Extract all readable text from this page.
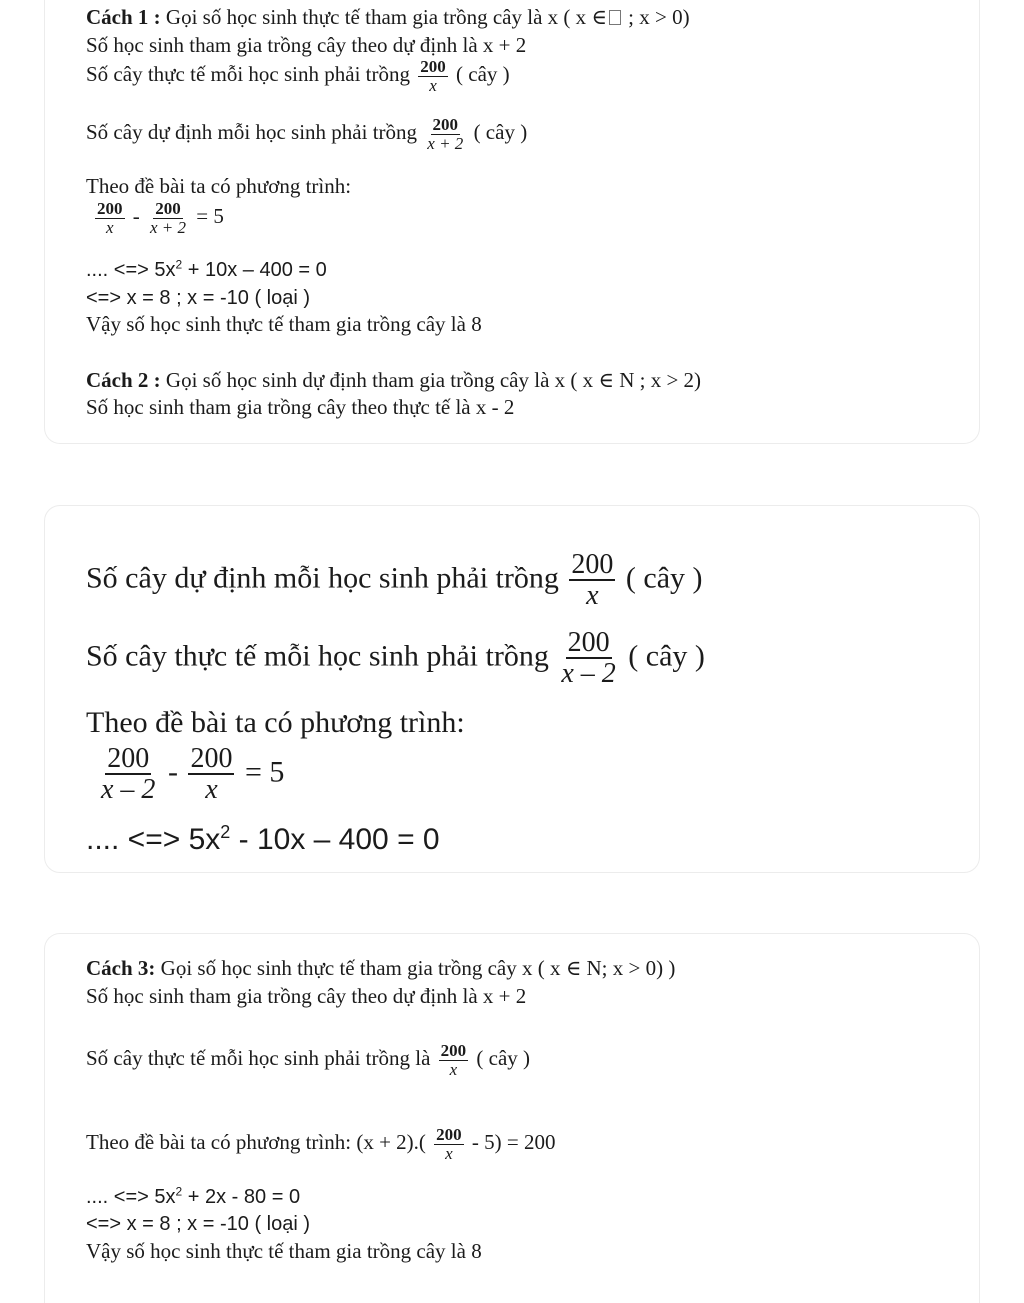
Cách 1 : Gọi số học sinh thực tế tham gia trồng cây là x ( x ∈ ; x > 0)
Số học sinh tham gia trồng cây theo dự định là x + 2
Số cây thực tế mỗi học sinh phải trồng $\frac{200}{x}$ ( cây )
Số cây dự định mỗi học sinh phải trồng $\frac{200}{x + 2}$ ( cây )
Theo đề bài ta có phương trình:
$\frac{200}{x} - \frac{200}{x + 2} = 5$
.... <=> $5x^2 + 10x - 400 = 0$
<=> x = 8 ; x = -10 ( loại )
Vậy số học sinh thực tế tham gia trồng cây là 8
Cách 2 : Gọi số học sinh dự định tham gia trồng cây là x ( x ∈ N ; x > 2)
Số học sinh tham gia trồng cây theo thực tế là x - 2
Số cây dự định mỗi học sinh phải trồng $\frac{200}{x}$ ( cây )
Số cây thực tế mỗi học sinh phải trồng $\frac{200}{x - 2}$ ( cây )
Theo đề bài ta có phương trình:
$\frac{200}{x - 2} - \frac{200}{x} = 5$
.... <=> $5x^2 - 10x - 400 = 0$
Cách 3: Gọi số học sinh thực tế tham gia trồng cây x ( x ∈ N; x > 0) )
Số học sinh tham gia trồng cây theo dự định là x + 2
Số cây thực tế mỗi học sinh phải trồng là $\frac{200}{x}$ ( cây )
Theo đề bài ta có phương trình: $(x + 2).( \frac{200}{x} - 5) = 200$
.... <=> $5x^2 + 2x - 80 = 0$
<=> x = 8 ; x = -10 ( loại )
Vậy số học sinh thực tế tham gia trồng cây là 8
